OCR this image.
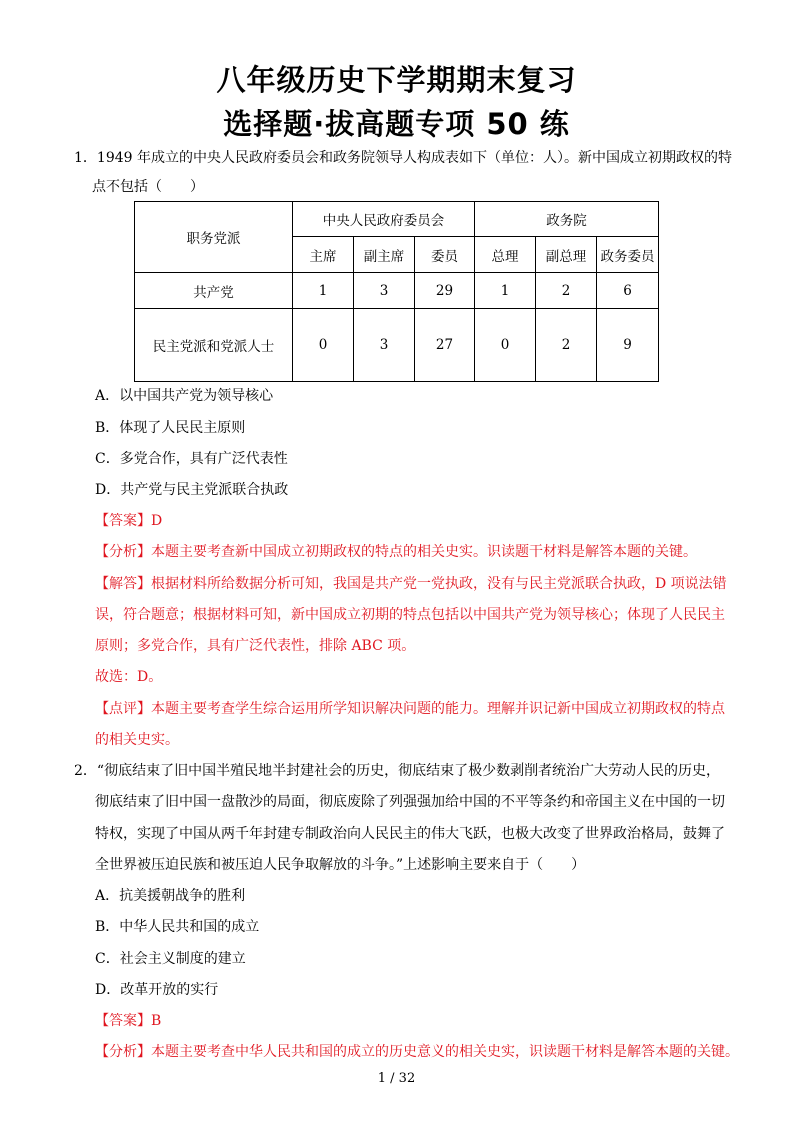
八年级历史下学期期末复习
选择题·拔高题专项 50 练
1．1949 年成立的中央人民政府委员会和政务院领导人构成表如下（单位：人）。新中国成立初期政权的特
点不包括（　　）
职务党派	中央人民政府委员会			政务院		
	主席	副主席	委员	总理	副总理	政务委员
共产党	1	3	29	1	2	6
民主党派和党派人士	0	3	27	0	2	9
A．以中国共产党为领导核心
B．体现了人民民主原则
C．多党合作，具有广泛代表性
D．共产党与民主党派联合执政
【答案】D
【分析】本题主要考查新中国成立初期政权的特点的相关史实。识读题干材料是解答本题的关键。
【解答】根据材料所给数据分析可知，我国是共产党一党执政，没有与民主党派联合执政，D 项说法错
误，符合题意；根据材料可知，新中国成立初期的特点包括以中国共产党为领导核心；体现了人民民主
原则；多党合作，具有广泛代表性，排除 ABC 项。
故选：D。
【点评】本题主要考查学生综合运用所学知识解决问题的能力。理解并识记新中国成立初期政权的特点
的相关史实。
2．“彻底结束了旧中国半殖民地半封建社会的历史，彻底结束了极少数剥削者统治广大劳动人民的历史，
彻底结束了旧中国一盘散沙的局面，彻底废除了列强强加给中国的不平等条约和帝国主义在中国的一切
特权，实现了中国从两千年封建专制政治向人民民主的伟大飞跃，也极大改变了世界政治格局，鼓舞了
全世界被压迫民族和被压迫人民争取解放的斗争。”上述影响主要来自于（　　）
A．抗美援朝战争的胜利
B．中华人民共和国的成立
C．社会主义制度的建立
D．改革开放的实行
【答案】B
【分析】本题主要考查中华人民共和国的成立的历史意义的相关史实，识读题干材料是解答本题的关键。
1 / 32
